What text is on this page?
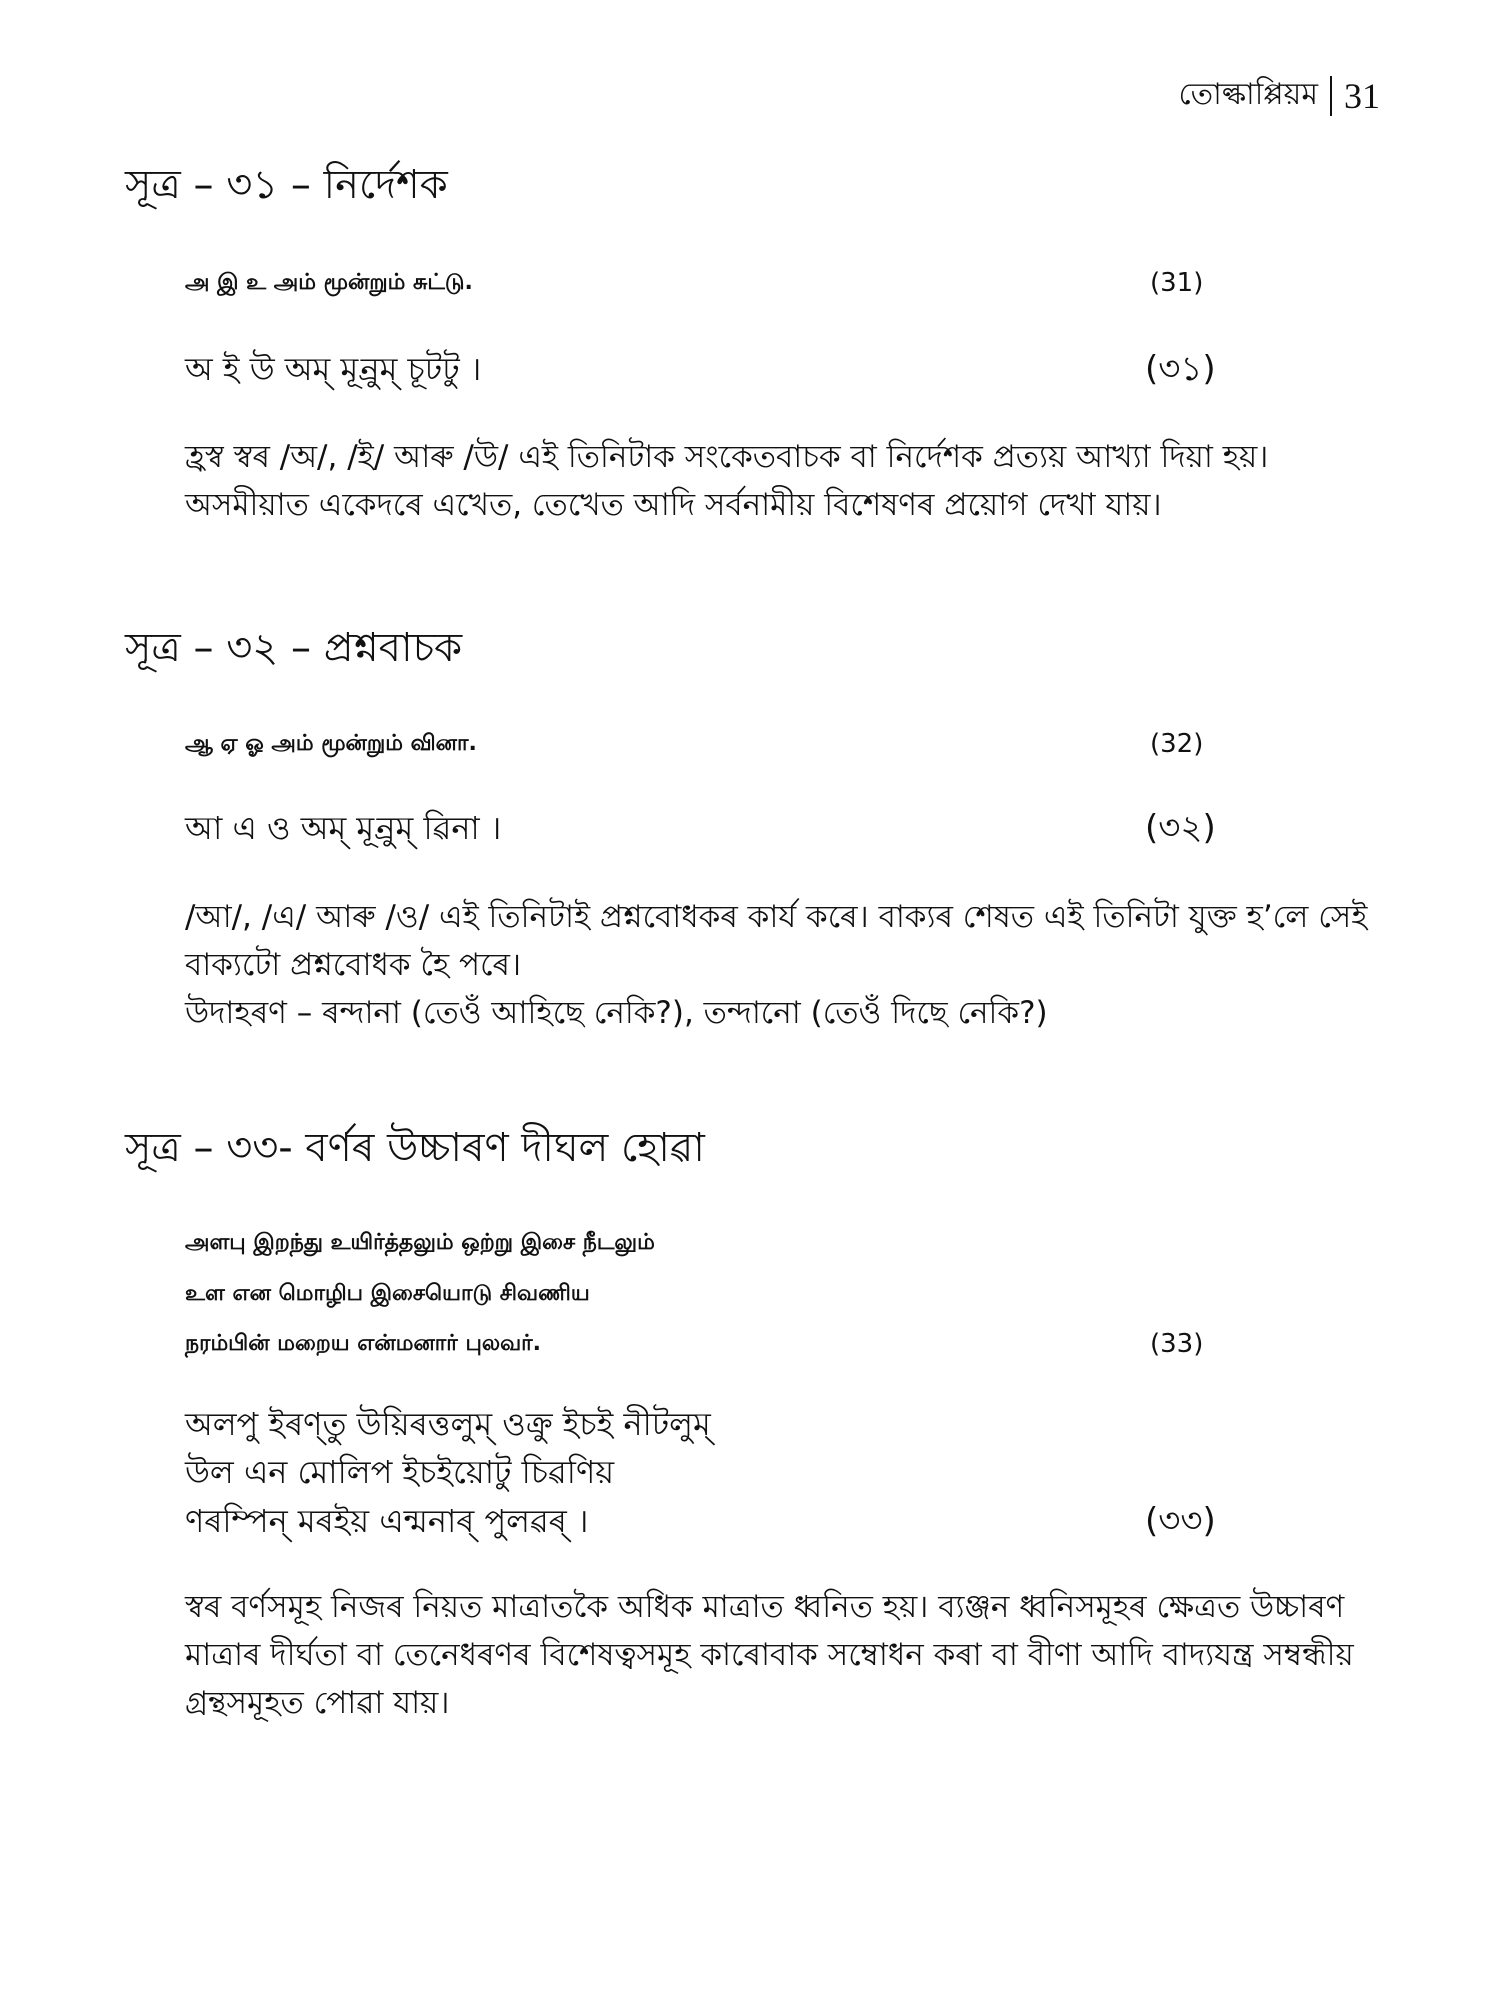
তোল্কাপ্পিয়ম 31
সূত্ৰ – ৩১ – নিৰ্দেশক
அ இ உ அம் மூன்றும் சுட்டு.	(31)
অ ই উ অম্ মূন্ৰুম্ চূটটু ।	(৩১)

হ্ৰস্ব স্বৰ /অ/, /ই/ আৰু /উ/ এই তিনিটাক সংকেতবাচক বা নিৰ্দেশক প্ৰত্যয় আখ্যা দিয়া হয়। অসমীয়াত একেদৰে এখেত, তেখেত আদি সৰ্বনামীয় বিশেষণৰ প্ৰয়োগ দেখা যায়।

সূত্ৰ – ৩২ – প্ৰশ্নবাচক
ஆ ஏ ஓ அம் மூன்றும் வினா.	(32)
আ এ ও অম্ মূন্ৰুম্ ৱিনা ।	(৩২)

/আ/, /এ/ আৰু /ও/ এই তিনিটাই প্ৰশ্নবোধকৰ কাৰ্য কৰে। বাক্যৰ শেষত এই তিনিটা যুক্ত হ’লে সেই বাক্যটো প্ৰশ্নবোধক হৈ পৰে।

উদাহৰণ – ৰন্দানা (তেওঁ আহিছে নেকি?), তন্দানো (তেওঁ দিছে নেকি?)

সূত্ৰ – ৩৩- বৰ্ণৰ উচ্চাৰণ দীঘল হোৱা
அளபு இறந்து உயிர்த்தலும் ஒற்று இசை நீடலும்
உள என மொழிப இசையொடு சிவணிய
நரம்பின் மறைய என்மனார் புலவர்.	(33)
অলপু ইৰণ্তু উয়িৰত্তলুম্ ওক্ৰু ইচই নীটলুম্
উল এন মোলিপ ইচইয়োটু চিৱণিয়
ণৰম্পিন্ মৰইয় এন্মনাৰ্ পুলৱৰ্ ।	(৩৩)

স্বৰ বৰ্ণসমূহ নিজৰ নিয়ত মাত্ৰাতকৈ অধিক মাত্ৰাত ধ্বনিত হয়। ব্যঞ্জন ধ্বনিসমূহৰ ক্ষেত্ৰত উচ্চাৰণ মাত্ৰাৰ দীৰ্ঘতা বা তেনেধৰণৰ বিশেষত্বসমূহ কাৰোবাক সম্বোধন কৰা বা বীণা আদি বাদ্যযন্ত্ৰ সম্বন্ধীয় গ্ৰন্থসমূহত পোৱা যায়।
